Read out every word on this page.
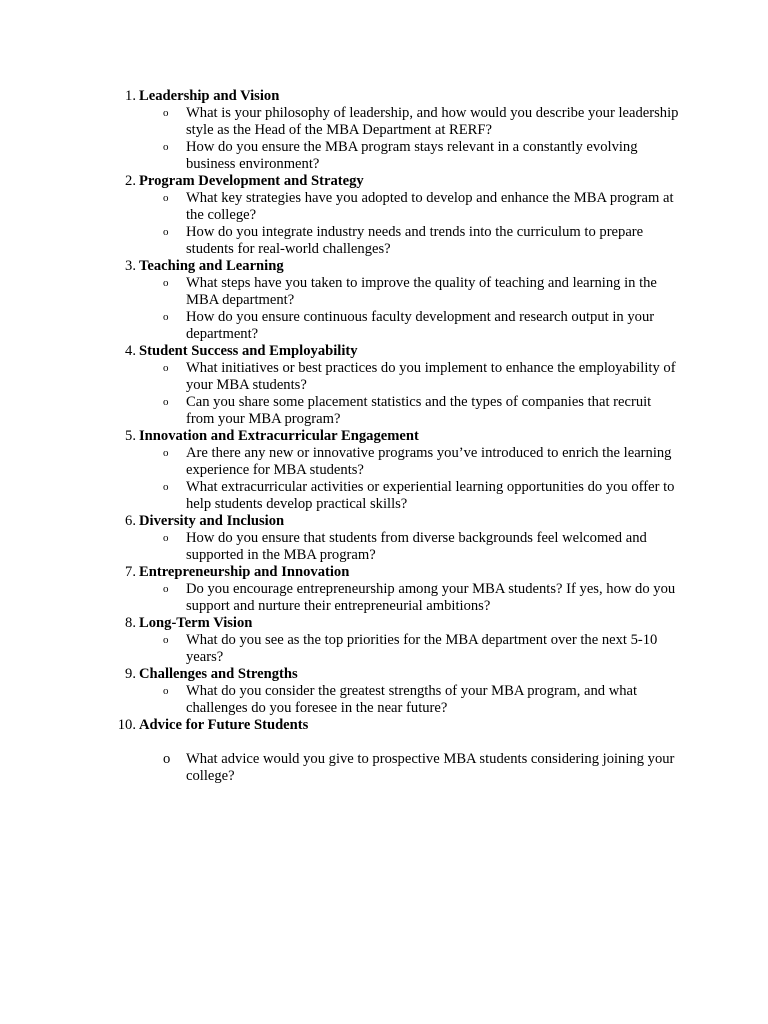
1. Leadership and Vision
o What is your philosophy of leadership, and how would you describe your leadership style as the Head of the MBA Department at RERF?
o How do you ensure the MBA program stays relevant in a constantly evolving business environment?
2. Program Development and Strategy
o What key strategies have you adopted to develop and enhance the MBA program at the college?
o How do you integrate industry needs and trends into the curriculum to prepare students for real-world challenges?
3. Teaching and Learning
o What steps have you taken to improve the quality of teaching and learning in the MBA department?
o How do you ensure continuous faculty development and research output in your department?
4. Student Success and Employability
o What initiatives or best practices do you implement to enhance the employability of your MBA students?
o Can you share some placement statistics and the types of companies that recruit from your MBA program?
5. Innovation and Extracurricular Engagement
o Are there any new or innovative programs you’ve introduced to enrich the learning experience for MBA students?
o What extracurricular activities or experiential learning opportunities do you offer to help students develop practical skills?
6. Diversity and Inclusion
o How do you ensure that students from diverse backgrounds feel welcomed and supported in the MBA program?
7. Entrepreneurship and Innovation
o Do you encourage entrepreneurship among your MBA students? If yes, how do you support and nurture their entrepreneurial ambitions?
8. Long-Term Vision
o What do you see as the top priorities for the MBA department over the next 5-10 years?
9. Challenges and Strengths
o What do you consider the greatest strengths of your MBA program, and what challenges do you foresee in the near future?
10. Advice for Future Students
o What advice would you give to prospective MBA students considering joining your college?
